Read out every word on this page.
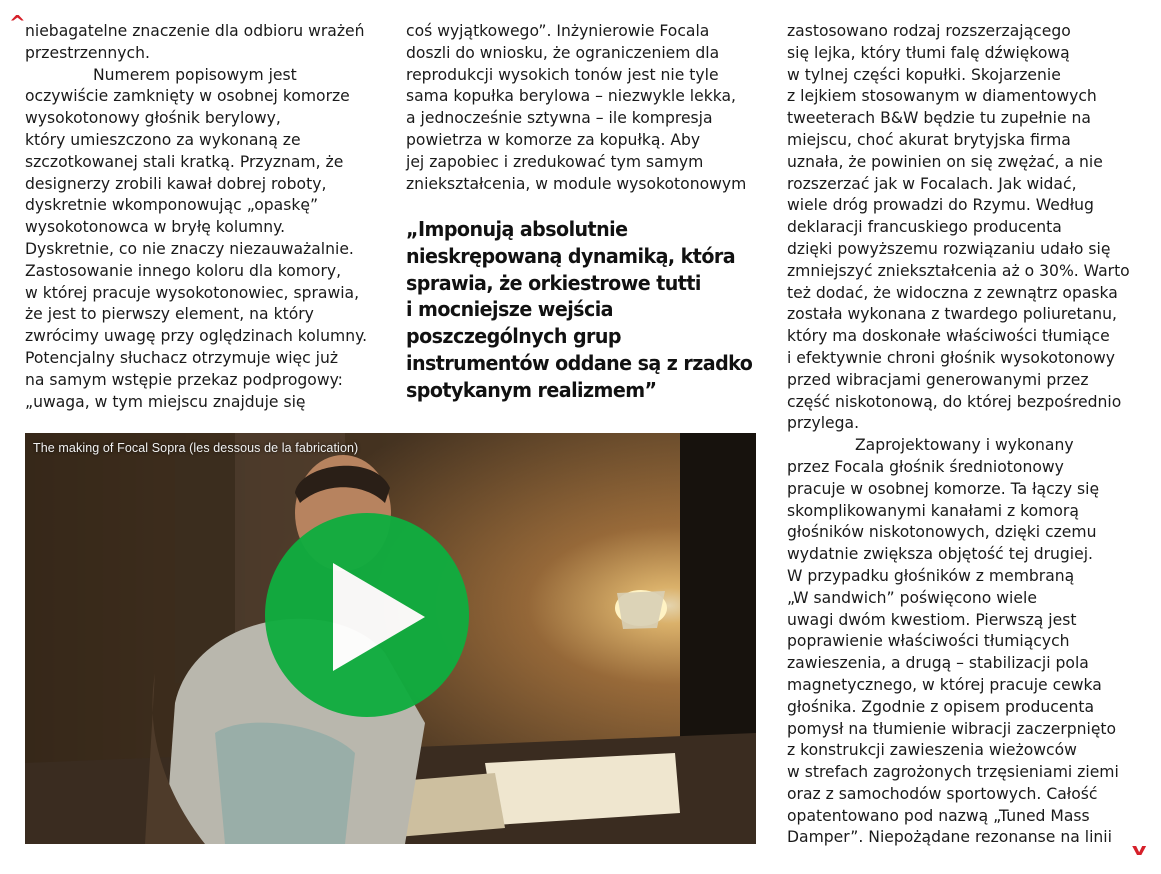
^
v

niebagatelne znaczenie dla odbioru wrażeń
przestrzennych.

Numerem popisowym jest
oczywiście zamknięty w osobnej komorze
wysokotonowy głośnik berylowy,
który umieszczono za wykonaną ze
szczotkowanej stali kratką. Przyznam, że
designerzy zrobili kawał dobrej roboty,
dyskretnie wkomponowując „opaskę”
wysokotonowca w bryłę kolumny.
Dyskretnie, co nie znaczy niezauważalnie.
Zastosowanie innego koloru dla komory,
w której pracuje wysokotonowiec, sprawia,
że jest to pierwszy element, na który
zwrócimy uwagę przy oględzinach kolumny.
Potencjalny słuchacz otrzymuje więc już
na samym wstępie przekaz podprogowy:
„uwaga, w tym miejscu znajduje się

coś wyjątkowego”. Inżynierowie Focala
doszli do wniosku, że ograniczeniem dla
reprodukcji wysokich tonów jest nie tyle
sama kopułka berylowa – niezwykle lekka,
a jednocześnie sztywna – ile kompresja
powietrza w komorze za kopułką. Aby
jej zapobiec i zredukować tym samym
zniekształcenia, w module wysokotonowym

„Imponują absolutnie
nieskrępowaną dynamiką, która
sprawia, że orkiestrowe tutti
i mocniejsze wejścia
poszczególnych grup
instrumentów oddane są z rzadko
spotykanym realizmem”

zastosowano rodzaj rozszerzającego
się lejka, który tłumi falę dźwiękową
w tylnej części kopułki. Skojarzenie
z lejkiem stosowanym w diamentowych
tweeterach B&W będzie tu zupełnie na
miejscu, choć akurat brytyjska firma
uznała, że powinien on się zwężać, a nie
rozszerzać jak w Focalach. Jak widać,
wiele dróg prowadzi do Rzymu. Według
deklaracji francuskiego producenta
dzięki powyższemu rozwiązaniu udało się
zmniejszyć zniekształcenia aż o 30%. Warto
też dodać, że widoczna z zewnątrz opaska
została wykonana z twardego poliuretanu,
który ma doskonałe właściwości tłumiące
i efektywnie chroni głośnik wysokotonowy
przed wibracjami generowanymi przez
część niskotonową, do której bezpośrednio
przylega.

Zaprojektowany i wykonany
przez Focala głośnik średniotonowy
pracuje w osobnej komorze. Ta łączy się
skomplikowanymi kanałami z komorą
głośników niskotonowych, dzięki czemu
wydatnie zwiększa objętość tej drugiej.
W przypadku głośników z membraną
„W sandwich” poświęcono wiele
uwagi dwóm kwestiom. Pierwszą jest
poprawienie właściwości tłumiących
zawieszenia, a drugą – stabilizacji pola
magnetycznego, w której pracuje cewka
głośnika. Zgodnie z opisem producenta
pomysł na tłumienie wibracji zaczerpnięto
z konstrukcji zawieszenia wieżowców
w strefach zagrożonych trzęsieniami ziemi
oraz z samochodów sportowych. Całość
opatentowano pod nazwą „Tuned Mass
Damper”. Niepożądane rezonanse na linii

The making of Focal Sopra (les dessous de la fabrication)
